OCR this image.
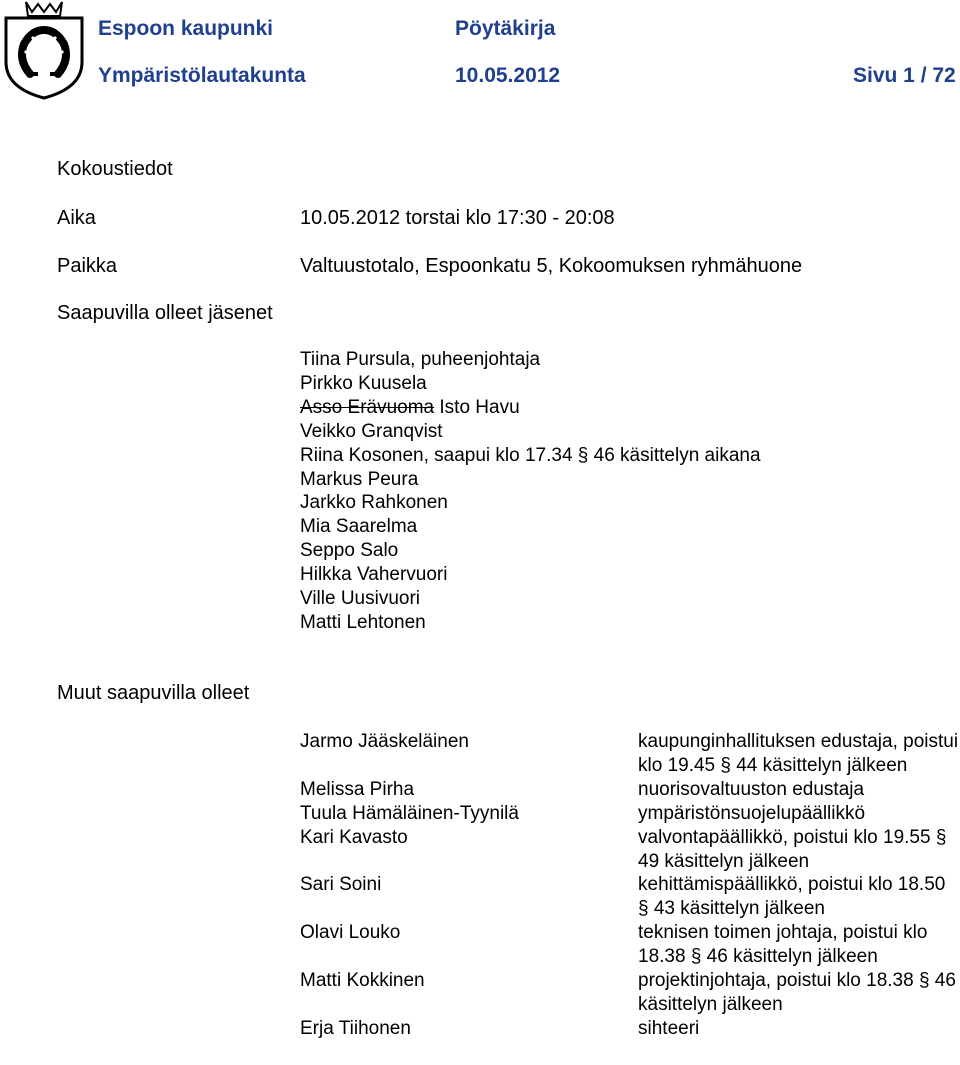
Espoon kaupunki	Pöytäkirja
Ympäristölautakunta	10.05.2012	Sivu 1 / 72
Kokoustiedot
Aika	10.05.2012 torstai klo 17:30 - 20:08
Paikka	Valtuustotalo, Espoonkatu 5, Kokoomuksen ryhmähuone
Saapuvilla olleet jäsenet
Tiina Pursula, puheenjohtaja
Pirkko Kuusela
Asso Erävuoma Isto Havu
Veikko Granqvist
Riina Kosonen, saapui klo 17.34 § 46 käsittelyn aikana
Markus Peura
Jarkko Rahkonen
Mia Saarelma
Seppo Salo
Hilkka Vahervuori
Ville Uusivuori
Matti Lehtonen
Muut saapuvilla olleet
Jarmo Jääskeläinen	kaupunginhallituksen edustaja, poistui klo 19.45 § 44 käsittelyn jälkeen
Melissa Pirha	nuorisovaltuuston edustaja
Tuula Hämäläinen-Tyynilä	ympäristönsuojelupäällikkö
Kari Kavasto	valvontapäällikkö, poistui klo 19.55 § 49 käsittelyn jälkeen
Sari Soini	kehittämispäällikkö, poistui klo 18.50 § 43 käsittelyn jälkeen
Olavi Louko	teknisen toimen johtaja, poistui klo 18.38 § 46 käsittelyn jälkeen
Matti Kokkinen	projektinjohtaja, poistui klo 18.38 § 46 käsittelyn jälkeen
Erja Tiihonen	sihteeri
